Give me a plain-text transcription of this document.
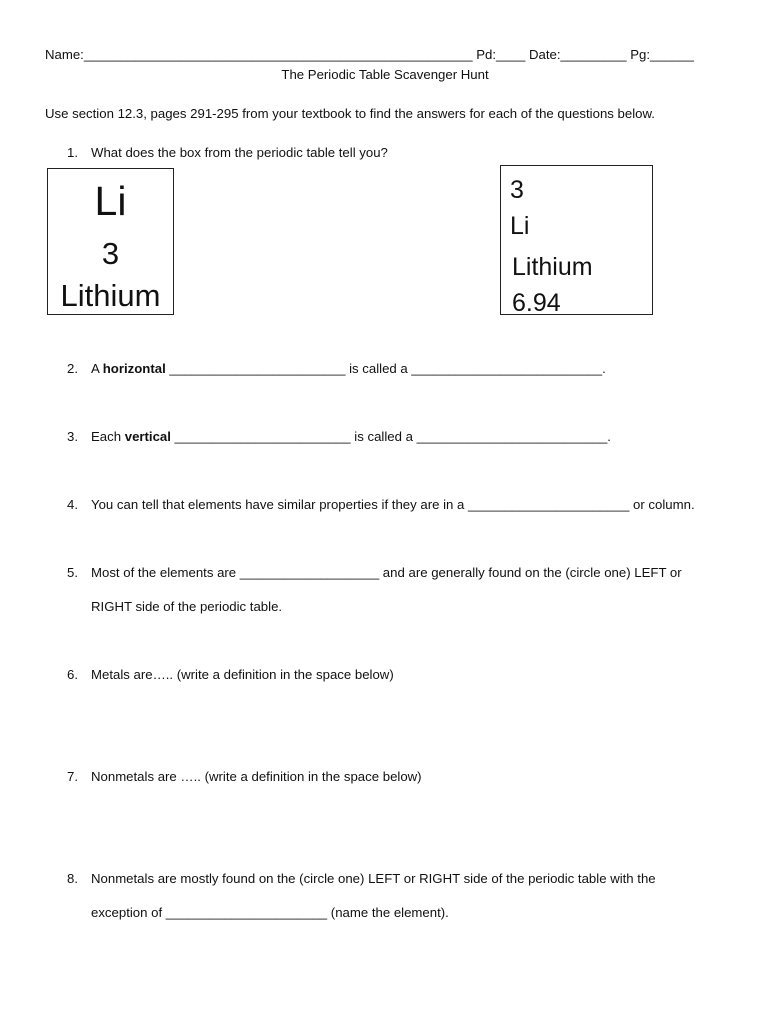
Name:_____________________________________________________ Pd:____ Date:_________ Pg:______
The Periodic Table Scavenger Hunt
Use section 12.3, pages 291-295 from your textbook to find the answers for each of the questions below.
1. What does the box from the periodic table tell you?
Li
3
Lithium
3
Li
Lithium
6.94
2. A horizontal ________________________ is called a __________________________.
3. Each vertical ________________________ is called a __________________________.
4. You can tell that elements have similar properties if they are in a ______________________ or column.
5. Most of the elements are ___________________ and are generally found on the (circle one) LEFT or
RIGHT side of the periodic table.
6. Metals are….. (write a definition in the space below)
7. Nonmetals are ….. (write a definition in the space below)
8. Nonmetals are mostly found on the (circle one) LEFT or RIGHT side of the periodic table with the
exception of ______________________ (name the element).
